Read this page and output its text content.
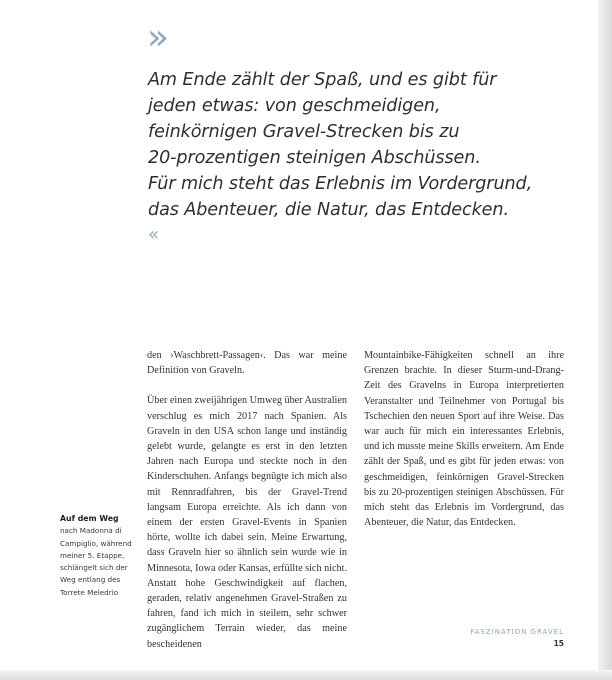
»
Am Ende zählt der Spaß, und es gibt für
jeden etwas: von geschmeidigen,
feinkörnigen Gravel-Strecken bis zu
20-prozentigen steinigen Abschüssen.
Für mich steht das Erlebnis im Vordergrund,
das Abenteuer, die Natur, das Entdecken.
«

den ›Waschbrett-Passagen‹. Das war meine Definition von Graveln.

Über einen zweijährigen Umweg über Australien verschlug es mich 2017 nach Spanien. Als Graveln in den USA schon lange und inständig gelebt wurde, gelangte es erst in den letzten Jahren nach Europa und steckte noch in den Kinderschuhen. Anfangs begnügte ich mich also mit Rennradfahren, bis der Gravel-Trend langsam Europa erreichte. Als ich dann von einem der ersten Gravel-Events in Spanien hörte, wollte ich dabei sein. Meine Erwartung, dass Graveln hier so ähnlich sein wurde wie in Minnesota, Iowa oder Kansas, erfüllte sich nicht. Anstatt hohe Geschwindigkeit auf flachen, geraden, relativ angenehmen Gravel-Straßen zu fahren, fand ich mich in steilem, sehr schwer zugänglichem Terrain wieder, das meine bescheidenen

Mountainbike-Fähigkeiten schnell an ihre Grenzen brachte. In dieser Sturm-und-Drang-Zeit des Gravelns in Europa interpretierten Veranstalter und Teilnehmer von Portugal bis Tschechien den neuen Sport auf ihre Weise. Das war auch für mich ein interessantes Erlebnis, und ich musste meine Skills erweitern. Am Ende zählt der Spaß, und es gibt für jeden etwas: von geschmeidigen, feinkörnigen Gravel-Strecken bis zu 20-prozentigen steinigen Abschüssen. Für mich steht das Erlebnis im Vordergrund, das Abenteuer, die Natur, das Entdecken.

Auf dem Weg
nach Madonna di Campiglio, während meiner 5. Etappe, schlängelt sich der Weg entlang des Torrete Meledrio
FASZINATION GRAVEL
15
